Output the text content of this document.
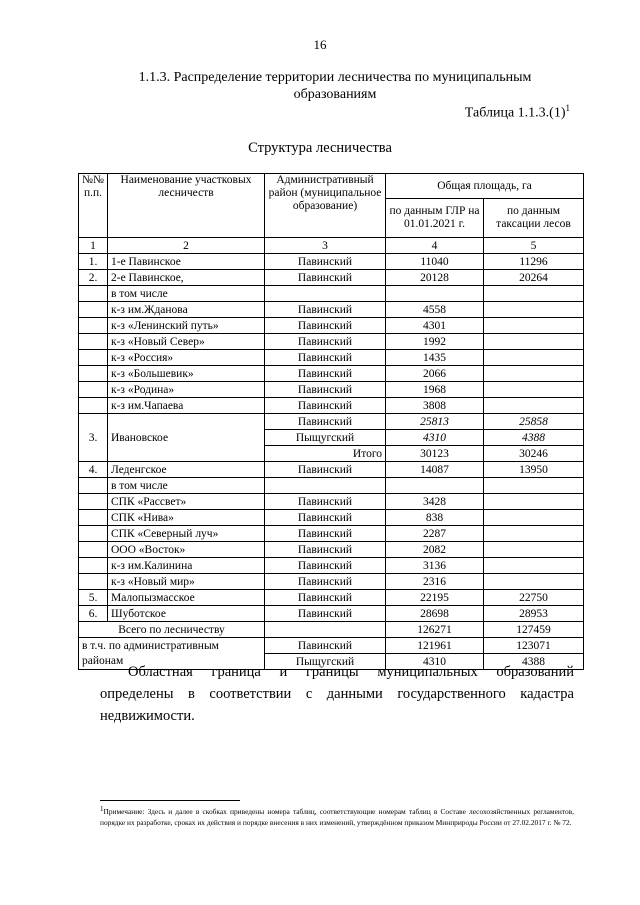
16
1.1.3. Распределение территории лесничества по муниципальным образованиям
Таблица $1.1.3.(1)^1$
Структура лесничества
№№ п.п.	Наименование участковых лесничеств	Административный район (муниципальное образование)	Общая площадь, га	
			по данным ГЛР на 01.01.2021 г.	по данным таксации лесов
1	2	3	4	5
1.	1-е Павинское	Павинский	11040	11296
2.	2-е Павинское,	Павинский	20128	20264
	в том числе			
	к-з им.Жданова	Павинский	4558	
	к-з «Ленинский путь»	Павинский	4301	
	к-з «Новый Север»	Павинский	1992	
	к-з «Россия»	Павинский	1435	
	к-з «Большевик»	Павинский	2066	
	к-з «Родина»	Павинский	1968	
	к-з им.Чапаева	Павинский	3808	
3.	Ивановское	Павинский	25813	25858
		Пыщугский	4310	4388
		Итого	30123	30246
4.	Леденгское	Павинский	14087	13950
	в том числе			
	СПК «Рассвет»	Павинский	3428	
	СПК «Нива»	Павинский	838	
	СПК «Северный луч»	Павинский	2287	
	ООО «Восток»	Павинский	2082	
	к-з им.Калинина	Павинский	3136	
	к-з «Новый мир»	Павинский	2316	
5.	Малопызмасское	Павинский	22195	22750
6.	Шуботское	Павинский	28698	28953
Всего по лесничеству			126271	127459
в т.ч. по административным		Павинский	121961	123071
районам		Пыщугский	4310	4388
Областная граница и границы муниципальных образований определены в соответствии с данными государственного кадастра недвижимости.
$^1$Примечание: Здесь и далее в скобках приведены номера таблиц, соответствующие номерам таблиц в Составе лесохозяйственных регламентов, порядке их разработке, сроках их действия и порядке внесения в них изменений, утверждённом приказом Минприроды России от 27.02.2017 г. № 72.
